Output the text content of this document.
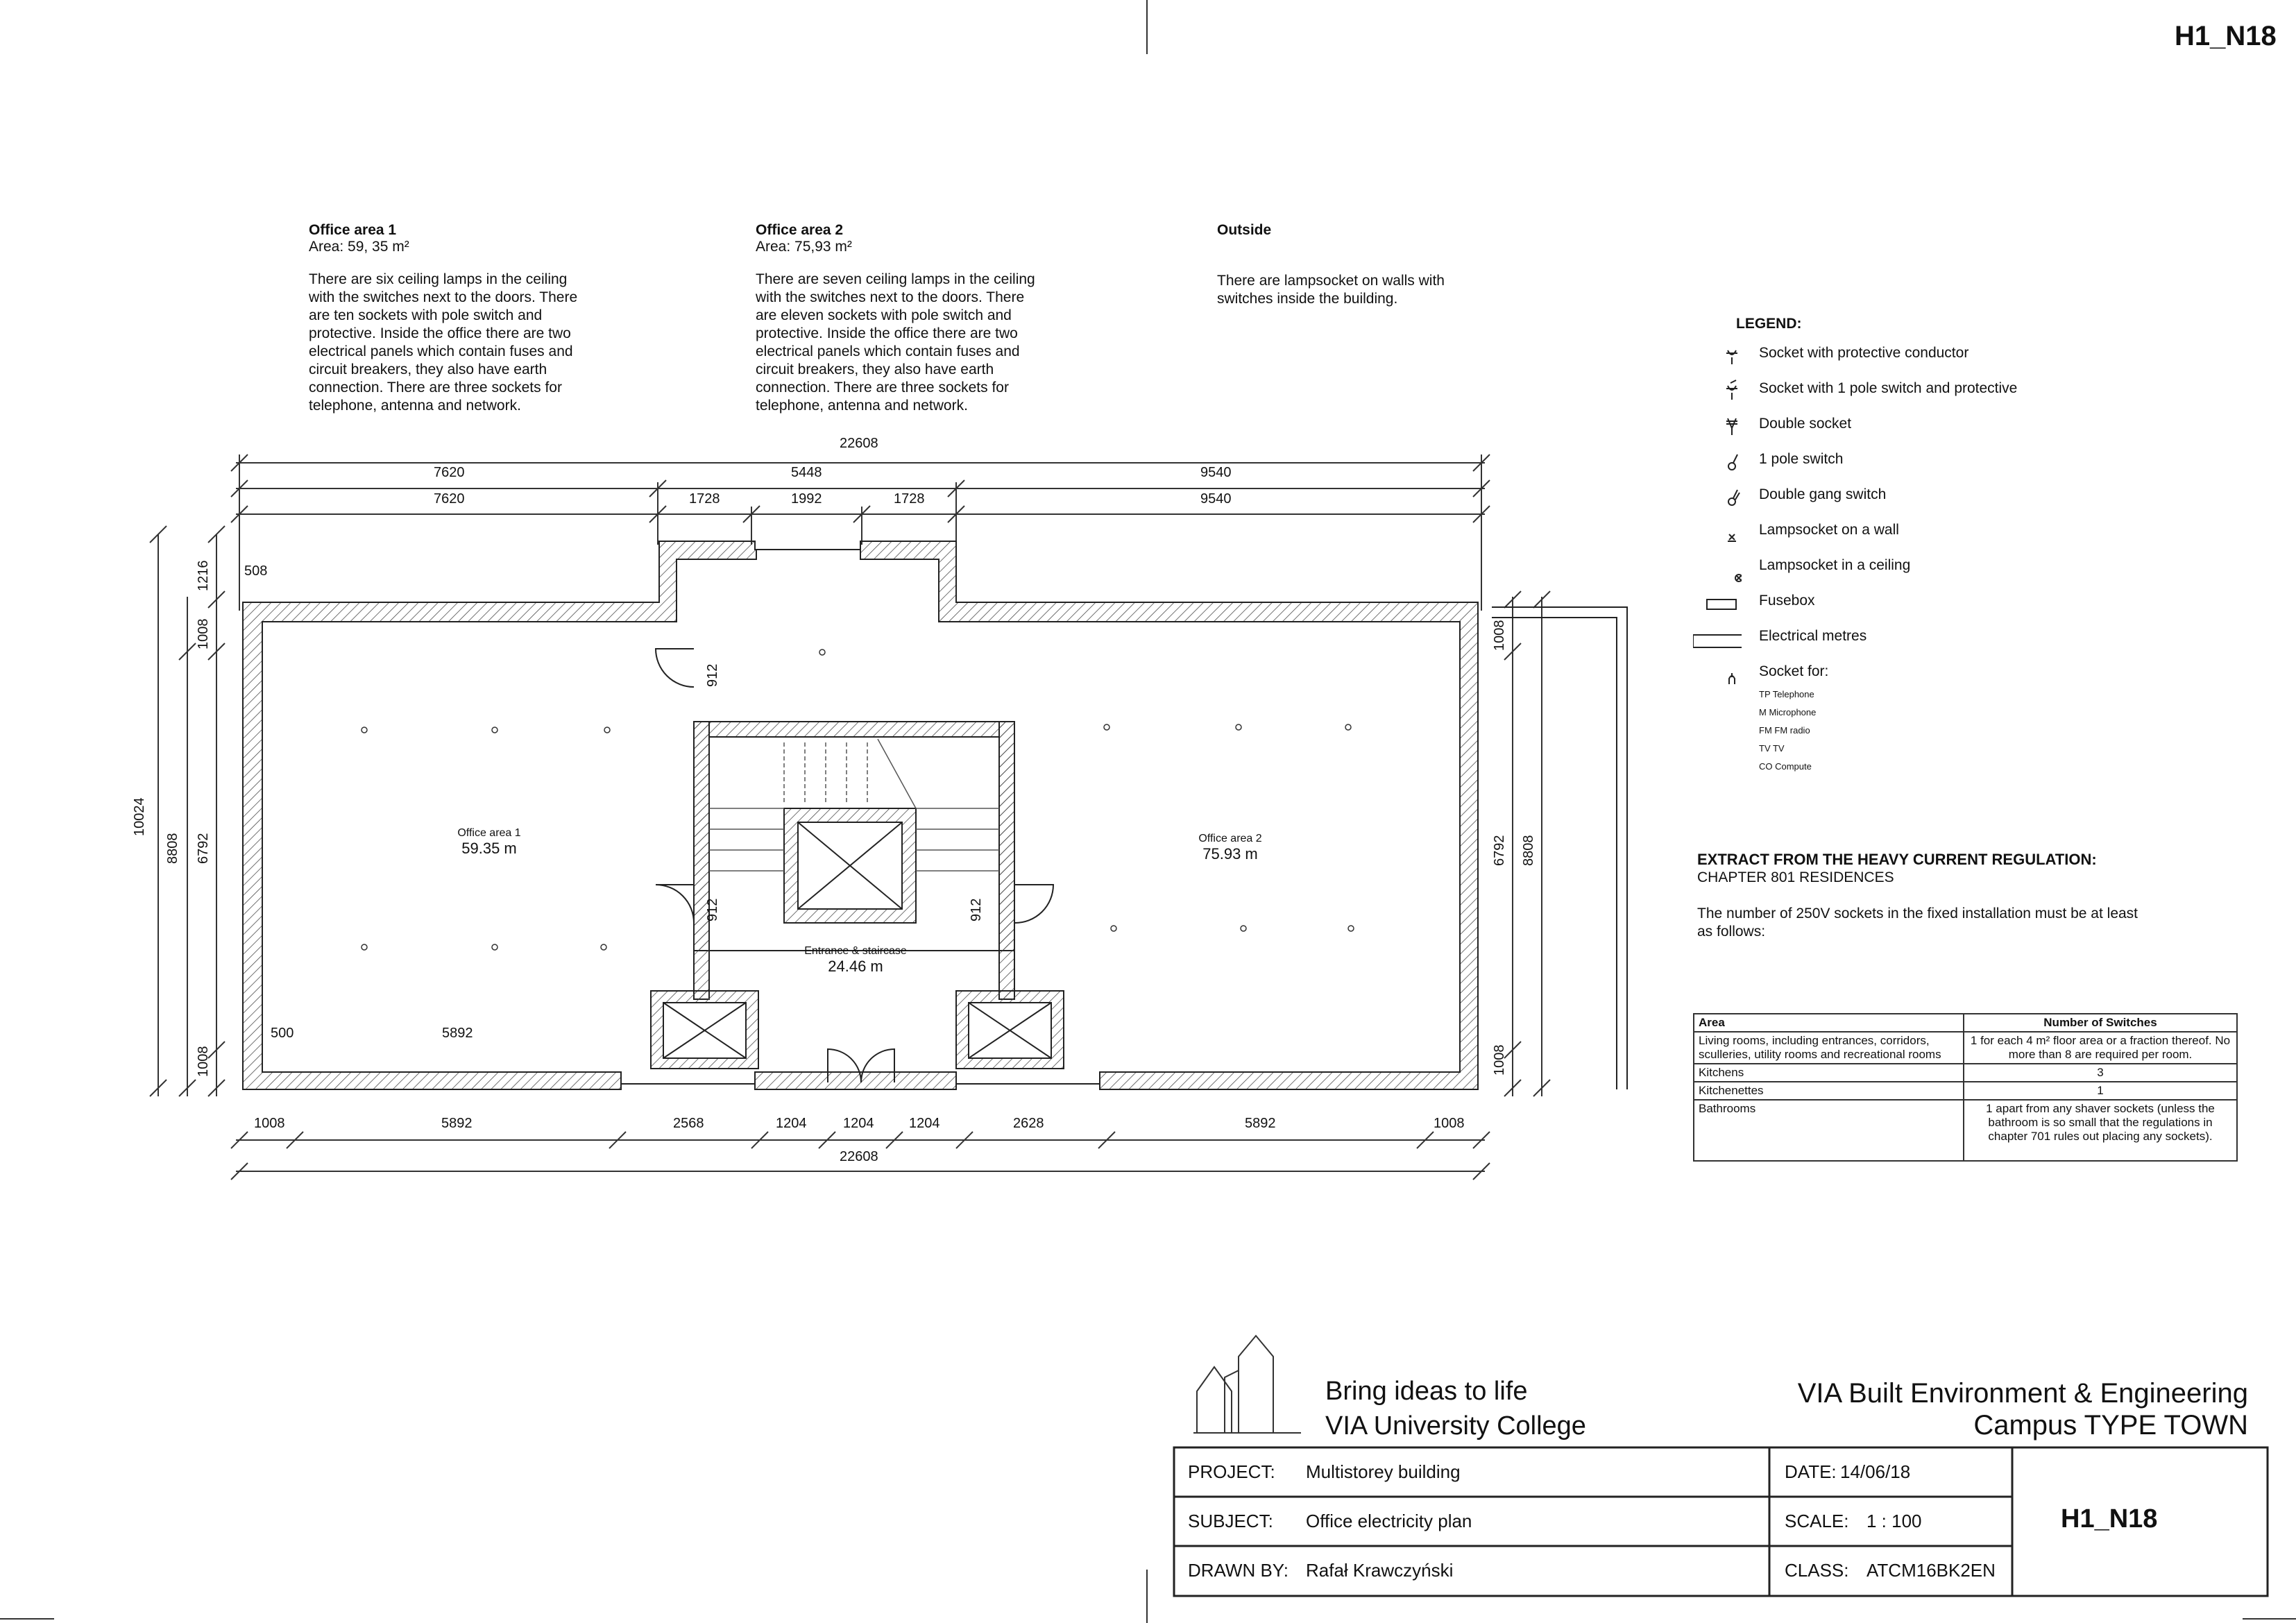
H1_N18
Office area 1
Area: 59, 35 m²

There are six ceiling lamps in the ceiling

with the switches next to the doors. There

are ten sockets with pole switch and

protective. Inside the office there are two

electrical panels which contain fuses and

circuit breakers, they also have earth

connection. There are three sockets for

telephone, antenna and network.

Office area 2
Area: 75,93 m²

There are seven ceiling lamps in the ceiling

with the switches next to the doors. There

are eleven sockets with pole switch and

protective. Inside the office there are two

electrical panels which contain fuses and

circuit breakers, they also have earth

connection. There are three sockets for

telephone, antenna and network.

Outside

There are lampsocket on walls with

switches inside the building.

LEGEND:
Socket with protective conductor
Socket with 1 pole switch and protective
Double socket
1 pole switch
Double gang switch
Lampsocket on a wall
Lampsocket in a ceiling
Fusebox
Electrical metres
Socket for:
TP Telephone
M Microphone
FM FM radio
TV TV
CO Compute
EXTRACT FROM THE HEAVY CURRENT REGULATION:

CHAPTER 801 RESIDENCES

The number of 250V sockets in the fixed installation must be at least

as follows:

Area	Number of Switches
Living rooms, including entrances, corridors, sculleries, utility rooms and recreational rooms	1 for each 4 m² floor area or a fraction thereof. No more than 8 are required per room.
Kitchens	3
Kitchenettes	1
Bathrooms	1 apart from any shaver sockets (unless the bathroom is so small that the regulations in chapter 701 rules out placing any sockets).
22608
7620	5448	9540
7620	1728	1992	1728	9540
1008	5892	2568	1204	1204	1204	2628	5892	1008
22608
10024
8808 6792
1216
1008
1008
1008
6792 8808
1008
508
500	5892
912
912	912
Office area 1
59.35 m
Office area 2
75.93 m
Entrance & staircase
24.46 m
Bring ideas to life
VIA University College
VIA Built Environment & Engineering
Campus TYPE TOWN
PROJECT: Multistorey building
SUBJECT: Office electricity plan
DRAWN BY: Rafał Krawczyński
DATE: 14/06/18
SCALE: 1 : 100
CLASS: ATCM16BK2EN
H1_N18
